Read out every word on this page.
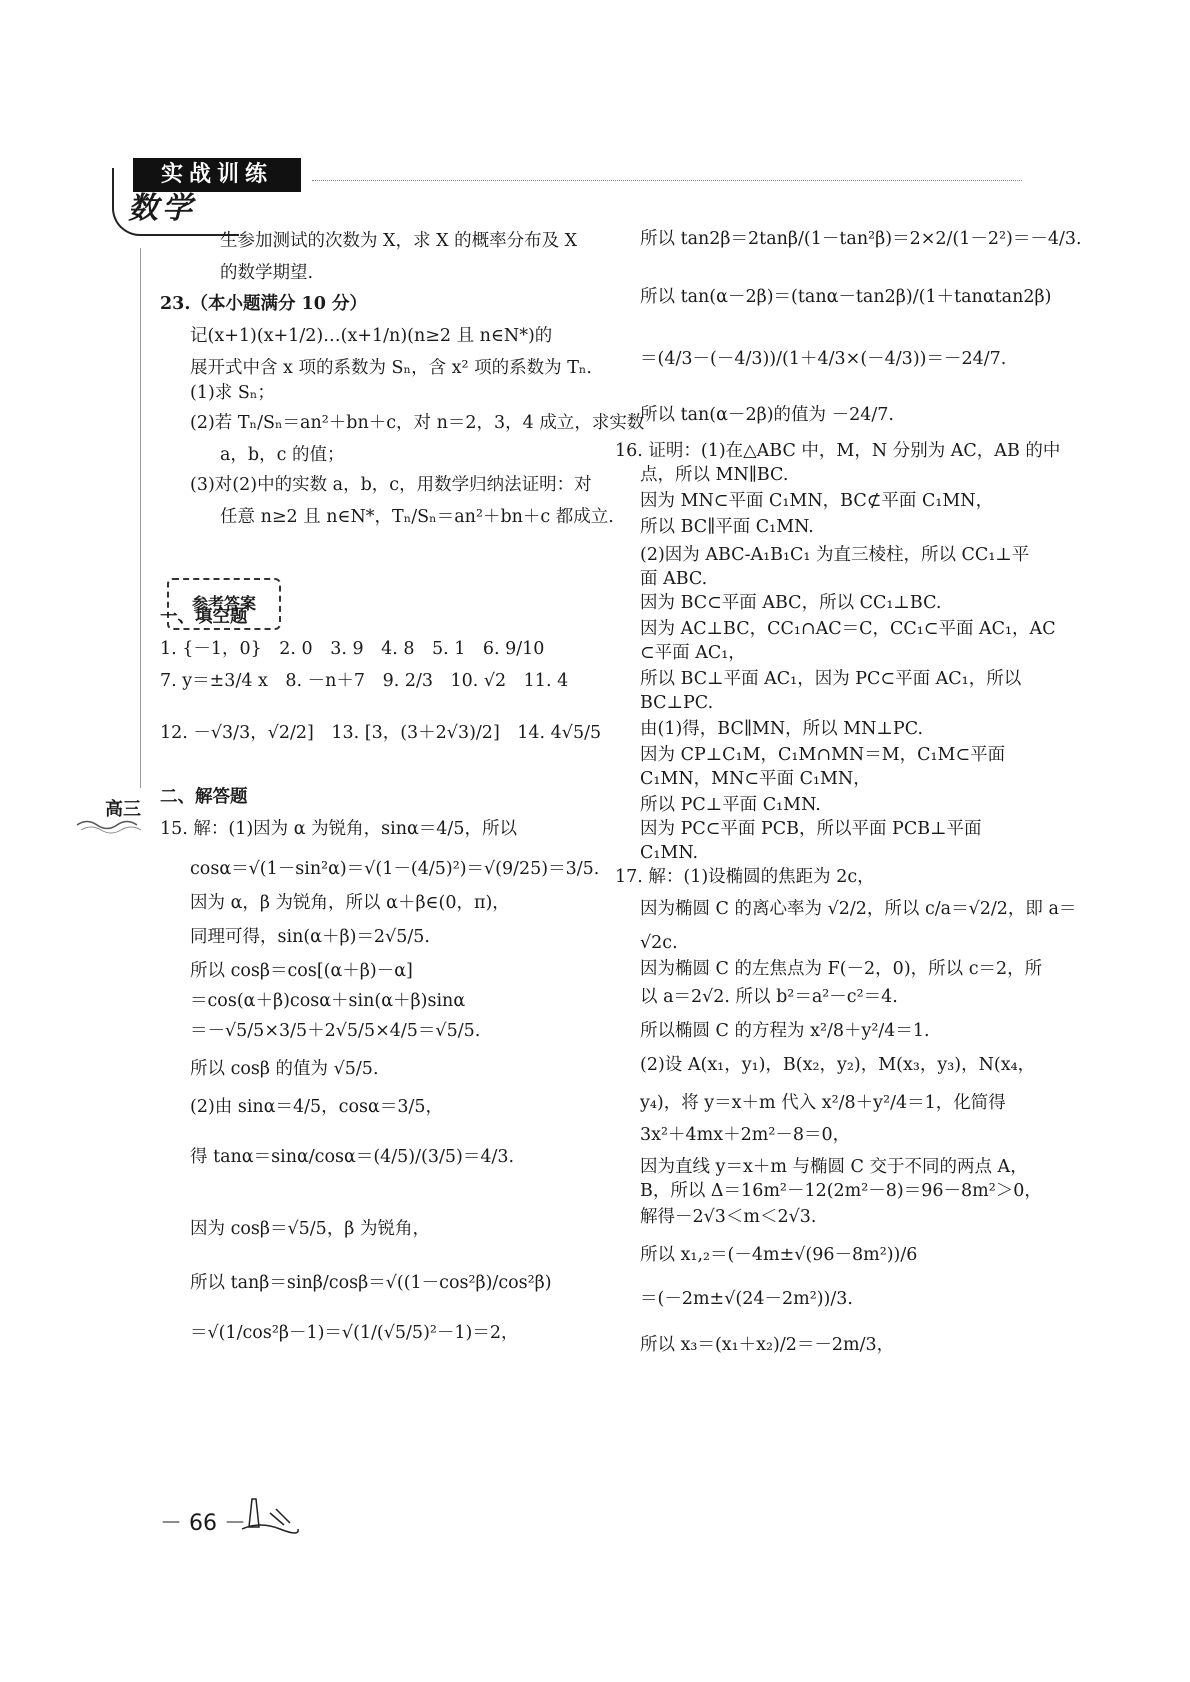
实战训练
数学
参考答案
高三
生参加测试的次数为 X，求 X 的概率分布及 X
的数学期望.
23.（本小题满分 10 分）
记(x+1)(x+1/2)…(x+1/n)(n≥2 且 n∈N*)的
展开式中含 x 项的系数为 Sₙ，含 x² 项的系数为 Tₙ.
(1)求 Sₙ；
(2)若 Tₙ/Sₙ＝an²＋bn＋c，对 n＝2，3，4 成立，求实数
a，b，c 的值；
(3)对(2)中的实数 a，b，c，用数学归纳法证明：对
任意 n≥2 且 n∈N*，Tₙ/Sₙ＝an²＋bn＋c 都成立.
一、填空题
1. {－1，0}　2. 0　3. 9　4. 8　5. 1　6. 9/10
7. y＝±3/4 x　8. －n＋7　9. 2/3　10. √2　11. 4
12. －√3/3，√2/2]　13. [3，(3＋2√3)/2]　14. 4√5/5
二、解答题
15. 解：(1)因为 α 为锐角，sinα＝4/5，所以
cosα＝√(1－sin²α)＝√(1－(4/5)²)＝√(9/25)＝3/5.
因为 α，β 为锐角，所以 α＋β∈(0，π)，
同理可得，sin(α＋β)＝2√5/5.
所以 cosβ＝cos[(α＋β)－α]
＝cos(α＋β)cosα＋sin(α＋β)sinα
＝－√5/5×3/5＋2√5/5×4/5＝√5/5.
所以 cosβ 的值为 √5/5.
(2)由 sinα＝4/5，cosα＝3/5，
得 tanα＝sinα/cosα＝(4/5)/(3/5)＝4/3.
因为 cosβ＝√5/5，β 为锐角，
所以 tanβ＝sinβ/cosβ＝√((1－cos²β)/cos²β)
＝√(1/cos²β－1)＝√(1/(√5/5)²－1)＝2，
所以 tan2β＝2tanβ/(1－tan²β)＝2×2/(1－2²)＝－4/3.
所以 tan(α－2β)＝(tanα－tan2β)/(1＋tanαtan2β)
＝(4/3－(－4/3))/(1＋4/3×(－4/3))＝－24/7.
所以 tan(α－2β)的值为 －24/7.
16. 证明：(1)在△ABC 中，M，N 分别为 AC，AB 的中
点，所以 MN∥BC.
因为 MN⊂平面 C₁MN，BC⊄平面 C₁MN，
所以 BC∥平面 C₁MN.
(2)因为 ABC-A₁B₁C₁ 为直三棱柱，所以 CC₁⊥平
面 ABC.
因为 BC⊂平面 ABC，所以 CC₁⊥BC.
因为 AC⊥BC，CC₁∩AC＝C，CC₁⊂平面 AC₁，AC
⊂平面 AC₁，
所以 BC⊥平面 AC₁，因为 PC⊂平面 AC₁，所以
BC⊥PC.
由(1)得，BC∥MN，所以 MN⊥PC.
因为 CP⊥C₁M，C₁M∩MN＝M，C₁M⊂平面
C₁MN，MN⊂平面 C₁MN，
所以 PC⊥平面 C₁MN.
因为 PC⊂平面 PCB，所以平面 PCB⊥平面
C₁MN.
17. 解：(1)设椭圆的焦距为 2c，
因为椭圆 C 的离心率为 √2/2，所以 c/a＝√2/2，即 a＝
√2c.
因为椭圆 C 的左焦点为 F(－2，0)，所以 c＝2，所
以 a＝2√2. 所以 b²＝a²－c²＝4.
所以椭圆 C 的方程为 x²/8＋y²/4＝1.
(2)设 A(x₁，y₁)，B(x₂，y₂)，M(x₃，y₃)，N(x₄，
y₄)，将 y＝x＋m 代入 x²/8＋y²/4＝1，化简得
3x²＋4mx＋2m²－8＝0，
因为直线 y＝x＋m 与椭圆 C 交于不同的两点 A，
B，所以 Δ＝16m²－12(2m²－8)＝96－8m²＞0，
解得－2√3＜m＜2√3.
所以 x₁,₂＝(－4m±√(96－8m²))/6
＝(－2m±√(24－2m²))/3.
所以 x₃＝(x₁＋x₂)/2＝－2m/3，
－ 66 －
